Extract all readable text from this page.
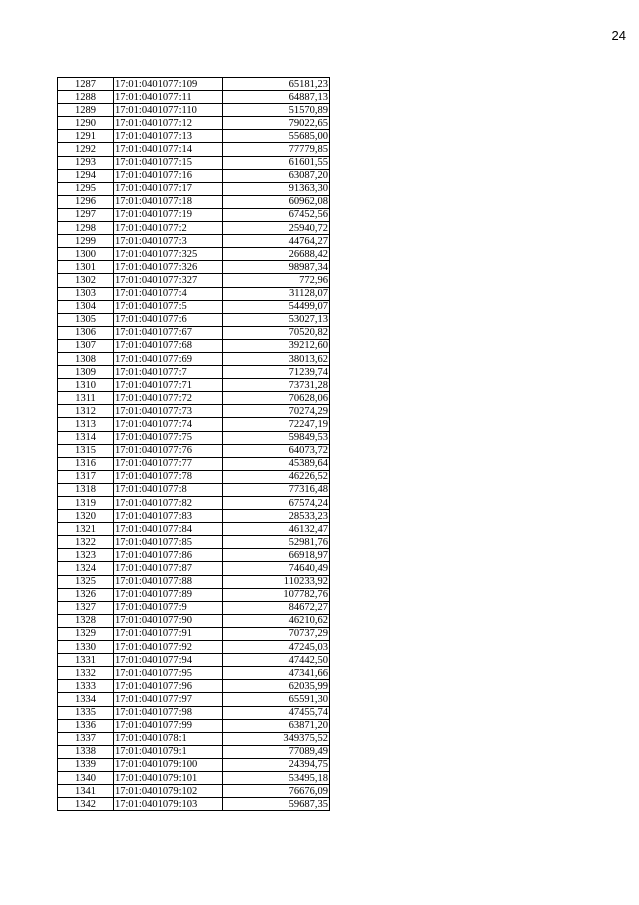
24
1287	17:01:0401077:109	65181,23
1288	17:01:0401077:11	64887,13
1289	17:01:0401077:110	51570,89
1290	17:01:0401077:12	79022,65
1291	17:01:0401077:13	55685,00
1292	17:01:0401077:14	77779,85
1293	17:01:0401077:15	61601,55
1294	17:01:0401077:16	63087,20
1295	17:01:0401077:17	91363,30
1296	17:01:0401077:18	60962,08
1297	17:01:0401077:19	67452,56
1298	17:01:0401077:2	25940,72
1299	17:01:0401077:3	44764,27
1300	17:01:0401077:325	26688,42
1301	17:01:0401077:326	98987,34
1302	17:01:0401077:327	772,96
1303	17:01:0401077:4	31128,07
1304	17:01:0401077:5	54499,07
1305	17:01:0401077:6	53027,13
1306	17:01:0401077:67	70520,82
1307	17:01:0401077:68	39212,60
1308	17:01:0401077:69	38013,62
1309	17:01:0401077:7	71239,74
1310	17:01:0401077:71	73731,28
1311	17:01:0401077:72	70628,06
1312	17:01:0401077:73	70274,29
1313	17:01:0401077:74	72247,19
1314	17:01:0401077:75	59849,53
1315	17:01:0401077:76	64073,72
1316	17:01:0401077:77	45389,64
1317	17:01:0401077:78	46226,52
1318	17:01:0401077:8	77316,48
1319	17:01:0401077:82	67574,24
1320	17:01:0401077:83	28533,23
1321	17:01:0401077:84	46132,47
1322	17:01:0401077:85	52981,76
1323	17:01:0401077:86	66918,97
1324	17:01:0401077:87	74640,49
1325	17:01:0401077:88	110233,92
1326	17:01:0401077:89	107782,76
1327	17:01:0401077:9	84672,27
1328	17:01:0401077:90	46210,62
1329	17:01:0401077:91	70737,29
1330	17:01:0401077:92	47245,03
1331	17:01:0401077:94	47442,50
1332	17:01:0401077:95	47341,66
1333	17:01:0401077:96	62035,99
1334	17:01:0401077:97	65591,30
1335	17:01:0401077:98	47455,74
1336	17:01:0401077:99	63871,20
1337	17:01:0401078:1	349375,52
1338	17:01:0401079:1	77089,49
1339	17:01:0401079:100	24394,75
1340	17:01:0401079:101	53495,18
1341	17:01:0401079:102	76676,09
1342	17:01:0401079:103	59687,35
